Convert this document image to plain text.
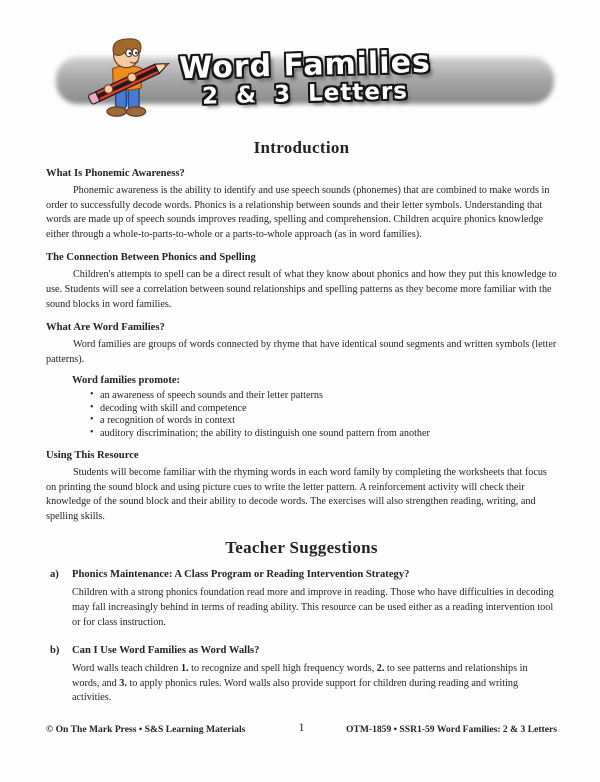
Word Families
2 & 3 Letters
Introduction
What Is Phonemic Awareness?

Phonemic awareness is the ability to identify and use speech sounds (phonemes) that are combined to make words in order to successfully decode words. Phonics is a relationship between sounds and their letter symbols. Understanding that words are made up of speech sounds improves reading, spelling and comprehension. Children acquire phonics knowledge either through a whole-to-parts-to-whole or a parts-to-whole approach (as in word families).

The Connection Between Phonics and Spelling

Children's attempts to spell can be a direct result of what they know about phonics and how they put this knowledge to use. Students will see a correlation between sound relationships and spelling patterns as they become more familiar with the sound blocks in word families.

What Are Word Families?

Word families are groups of words connected by rhyme that have identical sound segments and written symbols (letter patterns).

Word families promote:
• an awareness of speech sounds and their letter patterns
• decoding with skill and competence
• a recognition of words in context
• auditory discrimination; the ability to distinguish one sound pattern from another
Using This Resource

Students will become familiar with the rhyming words in each word family by completing the worksheets that focus on printing the sound block and using picture cues to write the letter pattern. A reinforcement activity will check their knowledge of the sound block and their ability to decode words. The exercises will also strengthen reading, writing, and spelling skills.

Teacher Suggestions
a)	Phonics Maintenance: A Class Program or Reading Intervention Strategy?

Children with a strong phonics foundation read more and improve in reading. Those who have difficulties in decoding may fall increasingly behind in terms of reading ability. This resource can be used either as a reading intervention tool or for class instruction.

b)	Can I Use Word Families as Word Walls?

Word walls teach children 1. to recognize and spell high frequency words, 2. to see patterns and relationships in words, and 3. to apply phonics rules. Word walls also provide support for children during reading and writing activities.

© On The Mark Press • S&S Learning Materials	1	OTM-1859 • SSR1-59 Word Families: 2 & 3 Letters
